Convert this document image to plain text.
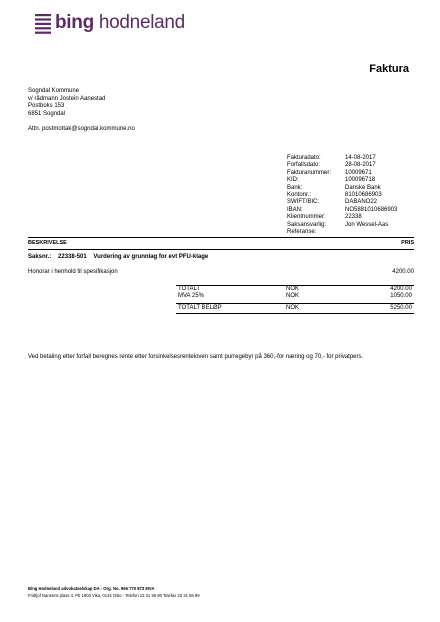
bing hodneland
Faktura
Sogndal Kommune
v/ rådmann Jostein Aanestad
Postboks 153
6851 Sogndal
Attn. postmottak@sogndal.kommune.no
Fakturadato:	14-08-2017
Forfallsdato:	28-08-2017
Fakturanummer:	10009671
KID:	100096718
Bank:	Danske Bank
Kontonr.:	81010686903
SWIFT/BIC:	DABANO22
IBAN:	NO5881010686903
Klientnummer:	22338
Saksansvarlig:	Jon Wessel-Aas
Referanse:	
BESKRIVELSE	PRIS
Saksnr.: 22338-501 Vurdering av grunnlag for evt PFU-klage
Honorar i henhold til spesifikasjon	4200.00
TOTALT	NOK	4200.00
MVA 25%	NOK	1050.00

TOTALT BELØP	NOK	5250.00
Ved betaling etter forfall beregnes rente etter forsinkelsesrenteloven samt purregebyr på 360,-for næring og 70,- for privatpers.
Bing Hodneland advokatselskap DA - Org. No. 966 770 873 MVA
Fridtjof Nansens plass 4, Pb 1903 Vika, 0134 Oslo - Telefon 23 31 59 90 Telefax 23 31 59 99
